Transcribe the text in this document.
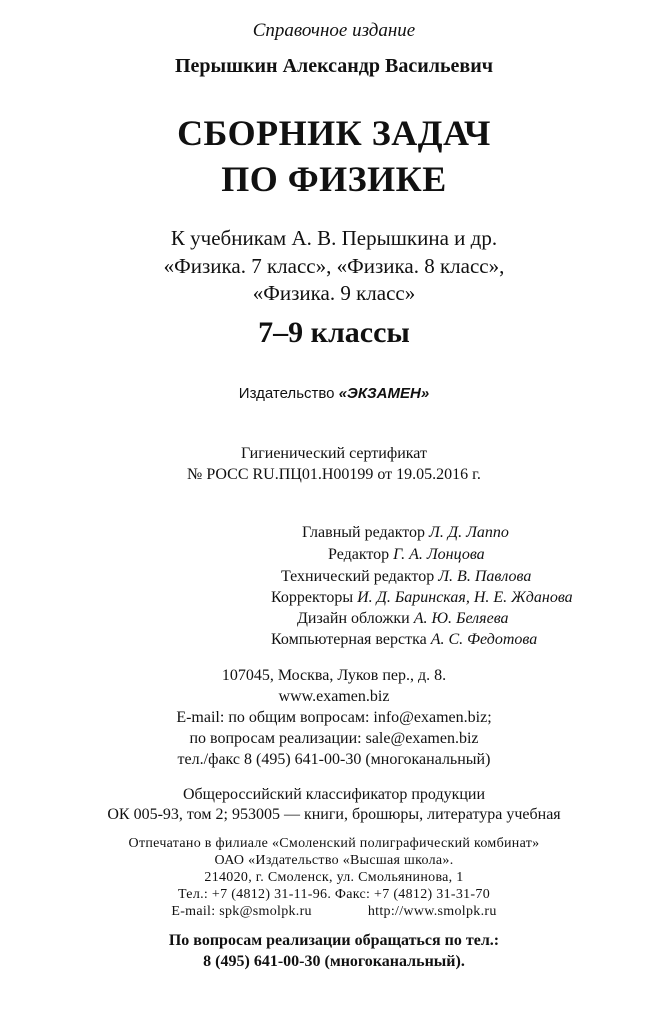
Справочное издание
Перышкин Александр Васильевич
СБОРНИК ЗАДАЧ
ПО ФИЗИКЕ
К учебникам А. В. Перышкина и др.
«Физика. 7 класс», «Физика. 8 класс»,
«Физика. 9 класс»
7–9 классы
Издательство «ЭКЗАМЕН»
Гигиенический сертификат
№ РОСС RU.ПЦ01.Н00199 от 19.05.2016 г.
Главный редактор Л. Д. Лаппо
Редактор Г. А. Лонцова
Технический редактор Л. В. Павлова
Корректоры И. Д. Баринская, Н. Е. Жданова
Дизайн обложки А. Ю. Беляева
Компьютерная верстка А. С. Федотова
107045, Москва, Луков пер., д. 8.
www.examen.biz
E-mail: по общим вопросам: info@examen.biz;
по вопросам реализации: sale@examen.biz
тел./факс 8 (495) 641-00-30 (многоканальный)
Общероссийский классификатор продукции
ОК 005-93, том 2; 953005 — книги, брошюры, литература учебная
Отпечатано в филиале «Смоленский полиграфический комбинат»
ОАО «Издательство «Высшая школа».
214020, г. Смоленск, ул. Смольянинова, 1
Тел.: +7 (4812) 31-11-96. Факс: +7 (4812) 31-31-70
E-mail: spk@smolpk.ru	http://www.smolpk.ru
По вопросам реализации обращаться по тел.:
8 (495) 641-00-30 (многоканальный).
